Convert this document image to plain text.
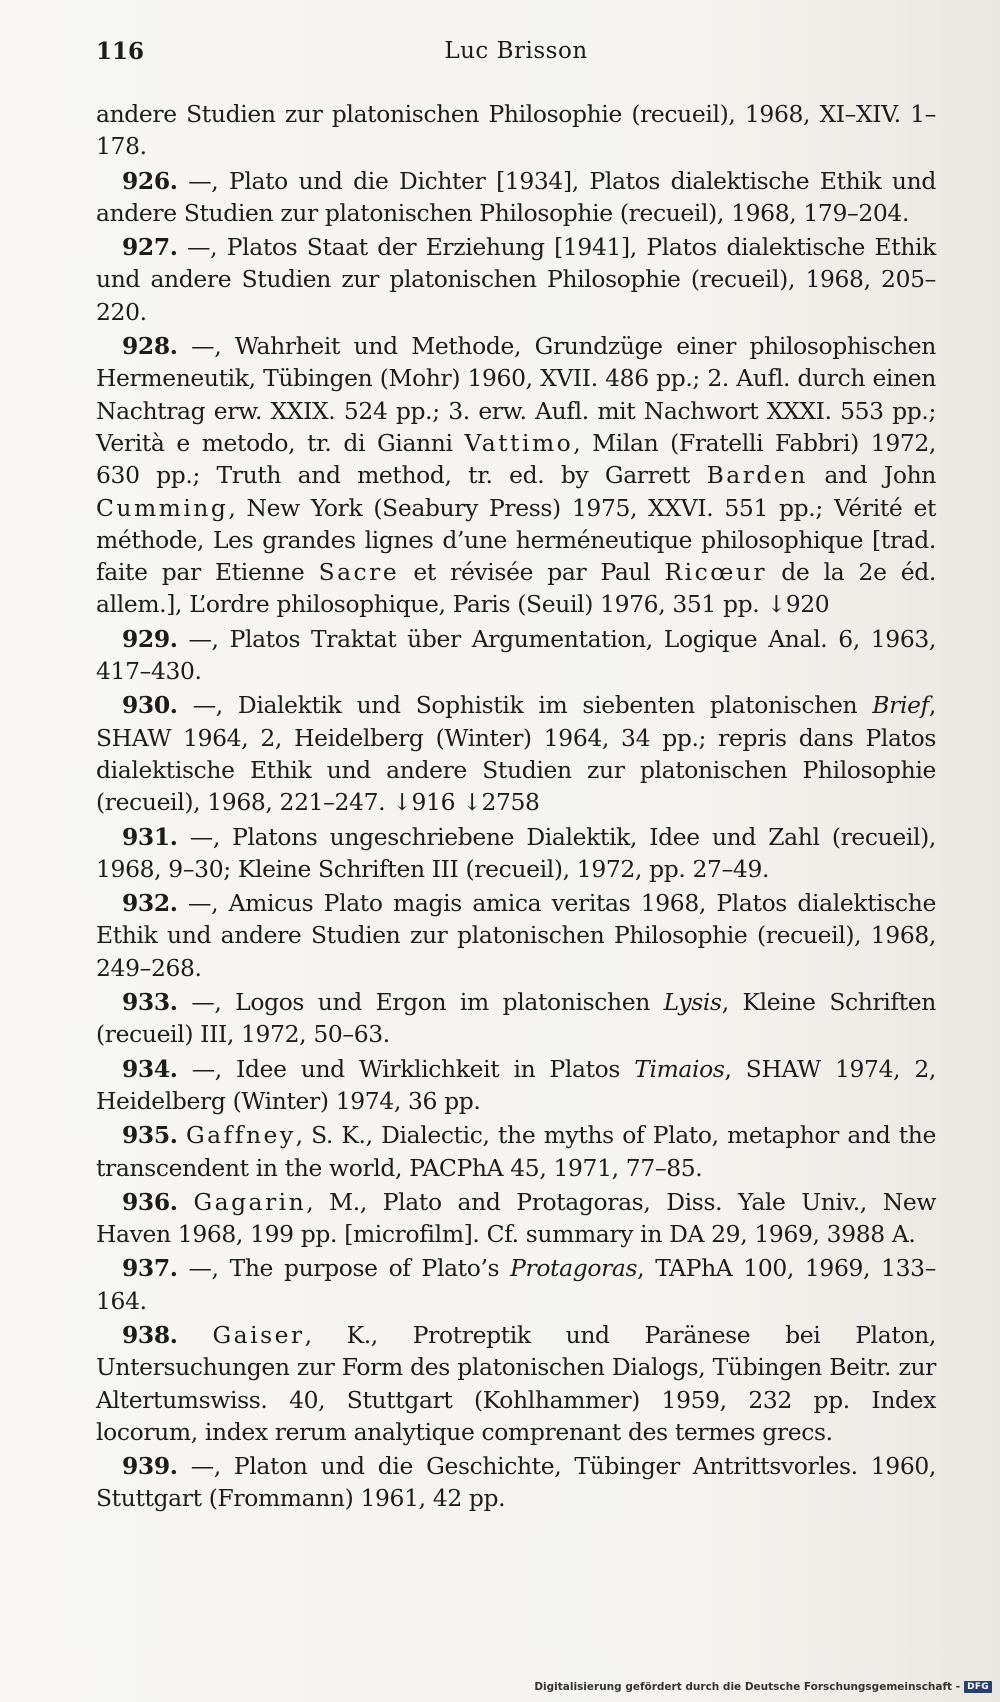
116	Luc Brisson

andere Studien zur platonischen Philosophie (recueil), 1968, XI–XIV. 1–178.

926. —, Plato und die Dichter [1934], Platos dialektische Ethik und andere Studien zur platonischen Philosophie (recueil), 1968, 179–204.

927. —, Platos Staat der Erziehung [1941], Platos dialektische Ethik und andere Studien zur platonischen Philosophie (recueil), 1968, 205–220.

928. —, Wahrheit und Methode, Grundzüge einer philosophischen Hermeneutik, Tübingen (Mohr) 1960, XVII. 486 pp.; 2. Aufl. durch einen Nachtrag erw. XXIX. 524 pp.; 3. erw. Aufl. mit Nachwort XXXI. 553 pp.; Verità e metodo, tr. di Gianni Vattimo, Milan (Fratelli Fabbri) 1972, 630 pp.; Truth and method, tr. ed. by Garrett Barden and John Cumming, New York (Seabury Press) 1975, XXVI. 551 pp.; Vérité et méthode, Les grandes lignes d’une herméneutique philosophique [trad. faite par Etienne Sacre et révisée par Paul Ricœur de la 2e éd. allem.], L’ordre philosophique, Paris (Seuil) 1976, 351 pp. ↓920

929. —, Platos Traktat über Argumentation, Logique Anal. 6, 1963, 417–430.

930. —, Dialektik und Sophistik im siebenten platonischen Brief, SHAW 1964, 2, Heidelberg (Winter) 1964, 34 pp.; repris dans Platos dialektische Ethik und andere Studien zur platonischen Philosophie (recueil), 1968, 221–247. ↓916 ↓2758

931. —, Platons ungeschriebene Dialektik, Idee und Zahl (recueil), 1968, 9–30; Kleine Schriften III (recueil), 1972, pp. 27–49.

932. —, Amicus Plato magis amica veritas 1968, Platos dialektische Ethik und andere Studien zur platonischen Philosophie (recueil), 1968, 249–268.

933. —, Logos und Ergon im platonischen Lysis, Kleine Schriften (recueil) III, 1972, 50–63.

934. —, Idee und Wirklichkeit in Platos Timaios, SHAW 1974, 2, Heidelberg (Winter) 1974, 36 pp.

935. Gaffney, S. K., Dialectic, the myths of Plato, metaphor and the transcendent in the world, PACPhA 45, 1971, 77–85.

936. Gagarin, M., Plato and Protagoras, Diss. Yale Univ., New Haven 1968, 199 pp. [microfilm]. Cf. summary in DA 29, 1969, 3988 A.

937. —, The purpose of Plato’s Protagoras, TAPhA 100, 1969, 133–164.

938. Gaiser, K., Protreptik und Paränese bei Platon, Untersuchungen zur Form des platonischen Dialogs, Tübingen Beitr. zur Altertumswiss. 40, Stuttgart (Kohlhammer) 1959, 232 pp. Index locorum, index rerum analytique comprenant des termes grecs.

939. —, Platon und die Geschichte, Tübinger Antrittsvorles. 1960, Stuttgart (Frommann) 1961, 42 pp.

Digitalisierung gefördert durch die Deutsche Forschungsgemeinschaft - DFG
